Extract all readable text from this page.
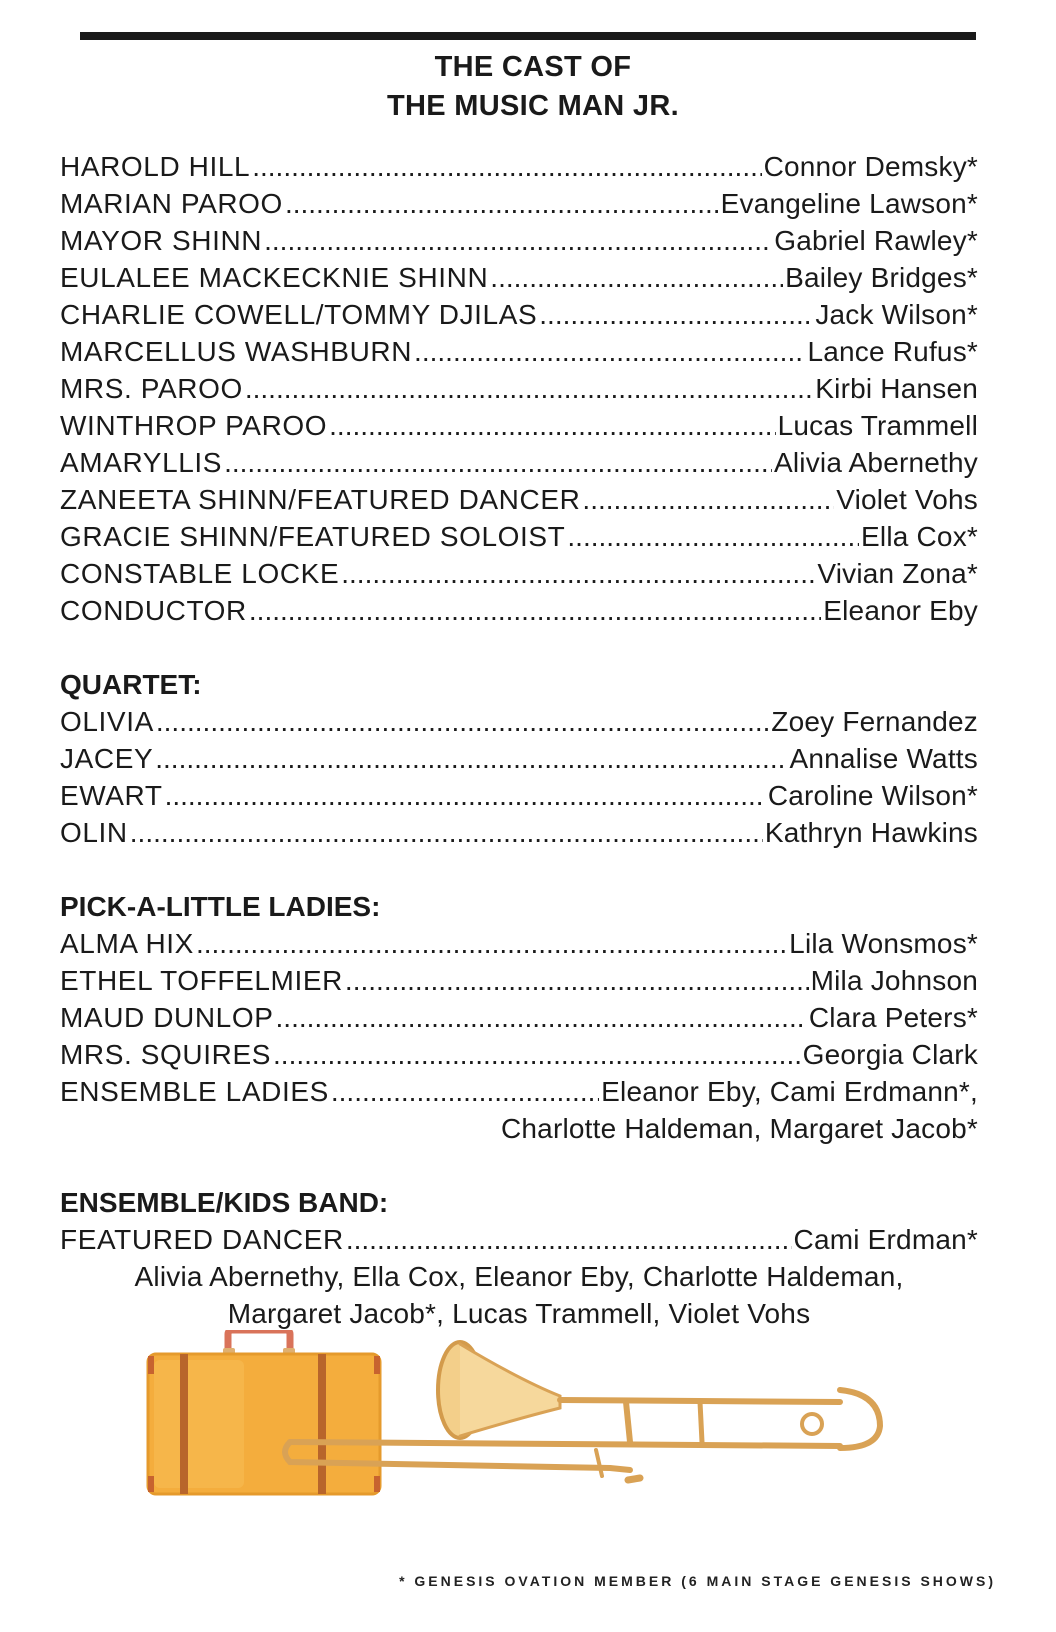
THE CAST OF
THE MUSIC MAN JR.
HAROLD HILL .....	Connor Demsky*
MARIAN PAROO .....	Evangeline Lawson*
MAYOR SHINN .....	Gabriel Rawley*
EULALEE MACKECKNIE SHINN .....	Bailey Bridges*
CHARLIE COWELL/TOMMY DJILAS .....	Jack Wilson*
MARCELLUS WASHBURN .....	Lance Rufus*
MRS. PAROO .....	Kirbi Hansen
WINTHROP PAROO .....	Lucas Trammell
AMARYLLIS .....	Alivia Abernethy
ZANEETA SHINN/FEATURED DANCER .....	Violet Vohs
GRACIE SHINN/FEATURED SOLOIST .....	Ella Cox*
CONSTABLE LOCKE .....	Vivian Zona*
CONDUCTOR .....	Eleanor Eby
QUARTET:
OLIVIA .....	Zoey Fernandez
JACEY .....	Annalise Watts
EWART .....	Caroline Wilson*
OLIN .....	Kathryn Hawkins
PICK-A-LITTLE LADIES:
ALMA HIX .....	Lila Wonsmos*
ETHEL TOFFELMIER .....	Mila Johnson
MAUD DUNLOP .....	Clara Peters*
MRS. SQUIRES .....	Georgia Clark
ENSEMBLE LADIES .....	Eleanor Eby, Cami Erdmann*,
Charlotte Haldeman, Margaret Jacob*
ENSEMBLE/KIDS BAND:
FEATURED DANCER .....	Cami Erdman*
Alivia Abernethy, Ella Cox, Eleanor Eby, Charlotte Haldeman,
Margaret Jacob*, Lucas Trammell, Violet Vohs
* GENESIS OVATION MEMBER (6 MAIN STAGE GENESIS SHOWS)
